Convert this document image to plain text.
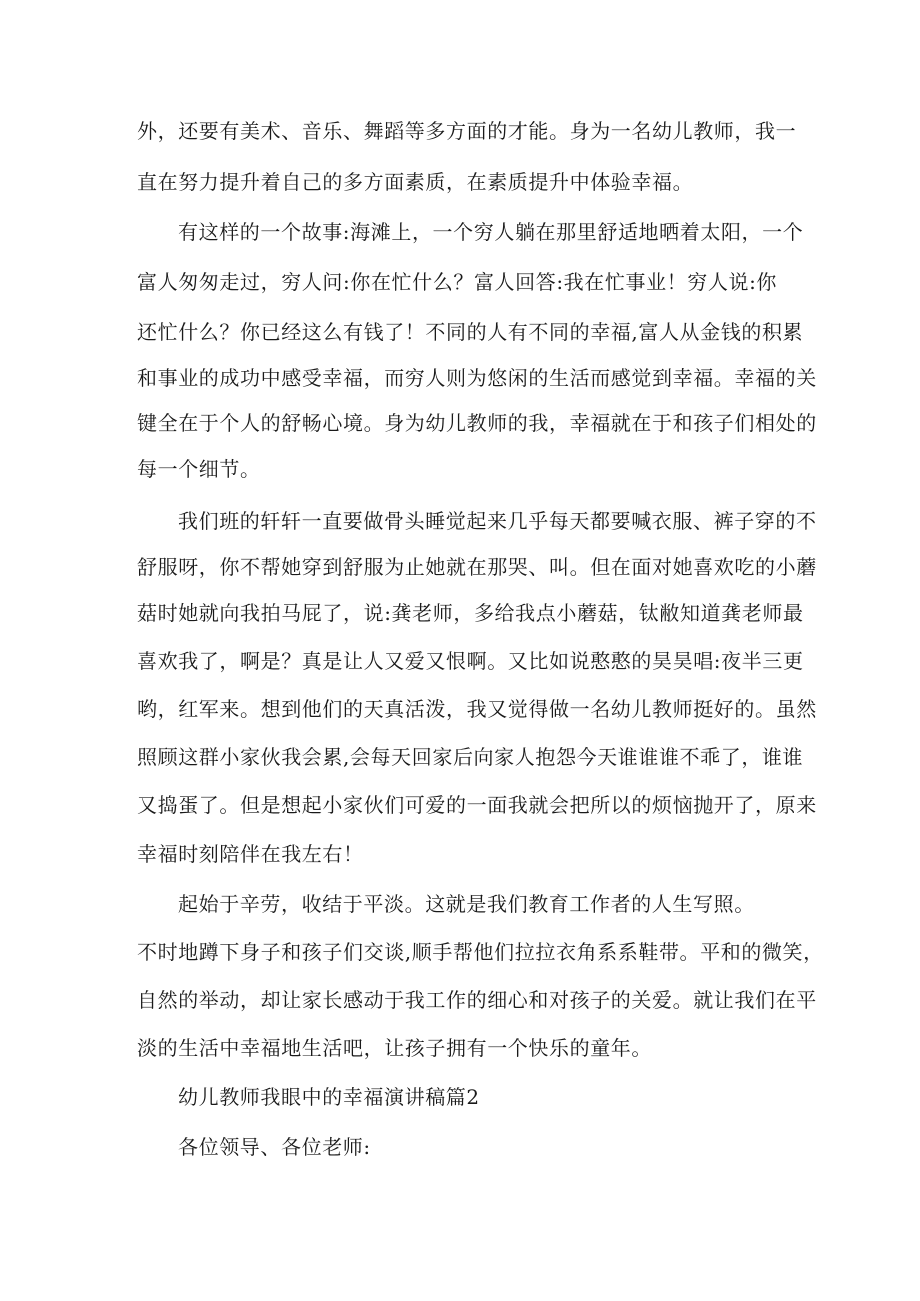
外，还要有美术、音乐、舞蹈等多方面的才能。身为一名幼儿教师，我一
直在努力提升着自己的多方面素质，在素质提升中体验幸福。
有这样的一个故事:海滩上，一个穷人躺在那里舒适地晒着太阳，一个
富人匆匆走过，穷人问:你在忙什么？富人回答:我在忙事业！穷人说:你
还忙什么？你已经这么有钱了！不同的人有不同的幸福,富人从金钱的积累
和事业的成功中感受幸福，而穷人则为悠闲的生活而感觉到幸福。幸福的关
键全在于个人的舒畅心境。身为幼儿教师的我，幸福就在于和孩子们相处的
每一个细节。
我们班的轩轩一直要做骨头睡觉起来几乎每天都要喊衣服、裤子穿的不
舒服呀，你不帮她穿到舒服为止她就在那哭、叫。但在面对她喜欢吃的小蘑
菇时她就向我拍马屁了，说:龚老师，多给我点小蘑菇，钛敝知道龚老师最
喜欢我了，啊是？真是让人又爱又恨啊。又比如说憨憨的昊昊唱:夜半三更
哟，红军来。想到他们的天真活泼，我又觉得做一名幼儿教师挺好的。虽然
照顾这群小家伙我会累,会每天回家后向家人抱怨今天谁谁谁不乖了，谁谁
又捣蛋了。但是想起小家伙们可爱的一面我就会把所以的烦恼抛开了，原来
幸福时刻陪伴在我左右！
起始于辛劳，收结于平淡。这就是我们教育工作者的人生写照。
不时地蹲下身子和孩子们交谈,顺手帮他们拉拉衣角系系鞋带。平和的微笑，
自然的举动，却让家长感动于我工作的细心和对孩子的关爱。就让我们在平
淡的生活中幸福地生活吧，让孩子拥有一个快乐的童年。
幼儿教师我眼中的幸福演讲稿篇2
各位领导、各位老师:
